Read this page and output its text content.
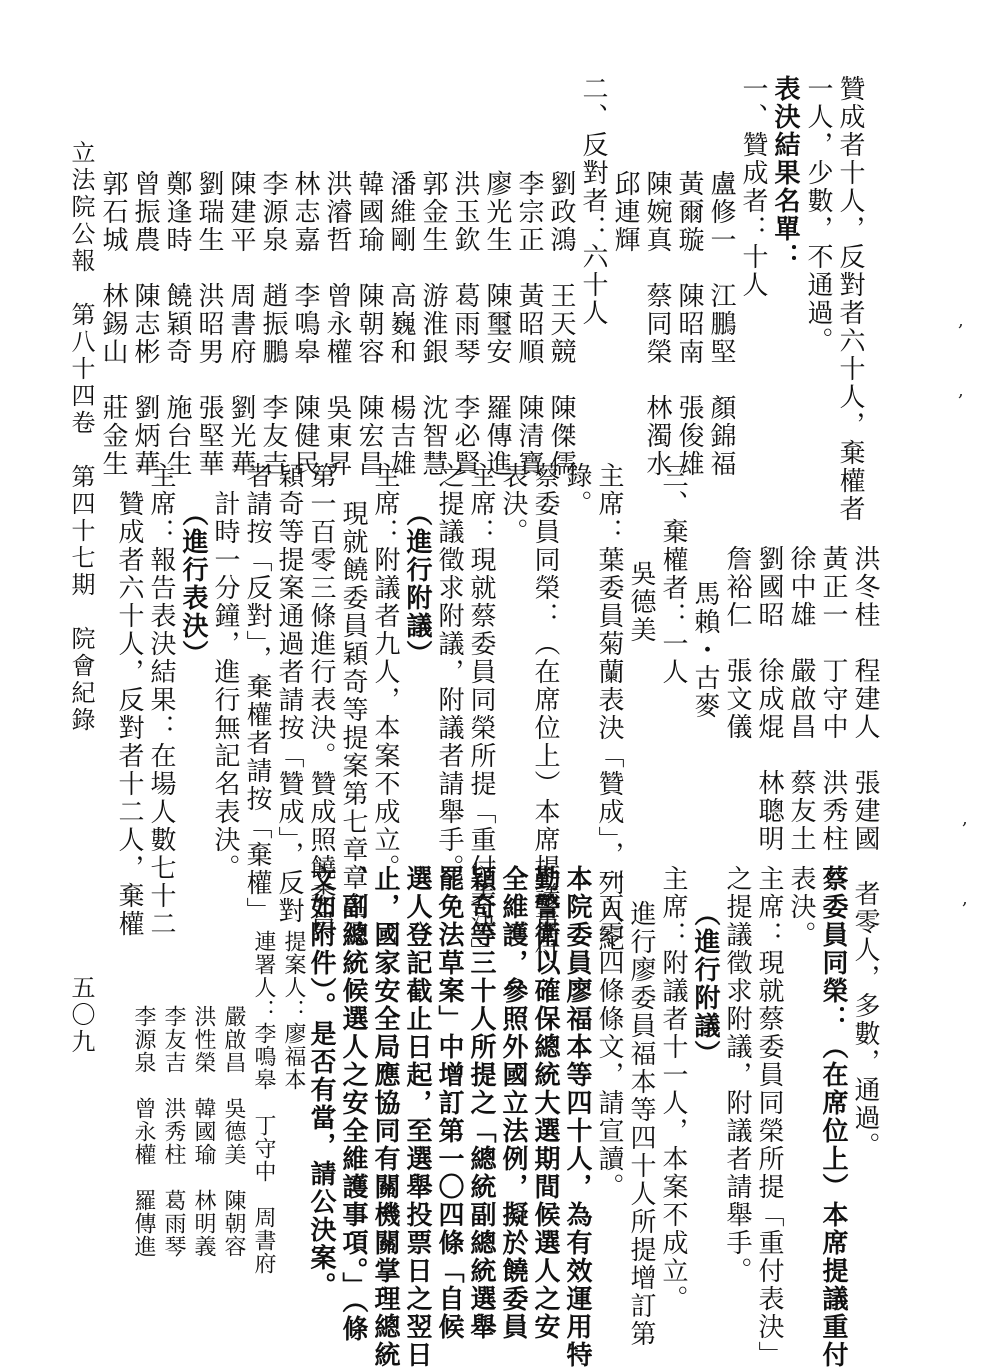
贊成者十人，反對者六十人，棄權者
一人，少數，不通過。
表決結果名單：
一、贊成者：十人
盧修一　江鵬堅　顏錦福
黃爾璇　陳昭南　張俊雄
陳婉真　蔡同榮　林濁水
邱連輝
二、反對者：六十人
劉政鴻　王天競　陳傑儒
李宗正　黃昭順　陳清寶
廖光生　陳璽安　羅傳進
洪玉欽　葛雨琴　李必賢
郭金生　游淮銀　沈智慧
潘維剛　高巍和　楊吉雄
韓國瑜　陳朝容　陳宏昌
洪濬哲　曾永權　吳東昇
林志嘉　李鳴皋　陳健民
李源泉　趙振鵬　李友吉
陳建平　周書府　劉光華
劉瑞生　洪昭男　張堅華
鄭逢時　饒穎奇　施台生
曾振農　陳志彬　劉炳華
郭石城　林錫山　莊金生
洪冬桂　程建人　張建國
黃正一　丁守中　洪秀柱
徐中雄　嚴啟昌　蔡友土
劉國昭　徐成焜　林聰明
詹裕仁　張文儀
馬賴・古麥
三、棄權者：一人
吳德美
主席：葉委員菊蘭表決「贊成」，列入紀
錄。
蔡委員同榮：（在席位上）本席提議重付
表決。
主席：現就蔡委員同榮所提「重付表決」
之提議徵求附議，附議者請舉手。
（進行附議）
主席：附議者九人，本案不成立。
現就饒委員穎奇等提案第七章章名及
第一百零三條進行表決。贊成照饒委員
穎奇等提案通過者請按「贊成」，反對
者請按「反對」，棄權者請按「棄權」
，計時一分鐘，進行無記名表決。
（進行表決）
主席：報告表決結果：在場人數七十二
，贊成者六十人，反對者十二人，棄權
者零人，多數，通過。
蔡委員同榮：（在席位上）本席提議重付
表決。
主席：現就蔡委員同榮所提「重付表決」
之提議徵求附議，附議者請舉手。
（進行附議）
主席：附議者十一人，本案不成立。
進行廖委員福本等四十人所提增訂第
一百零四條條文，請宣讀。
本院委員廖福本等四十人，為有效運用特
勤警衛以確保總統大選期間候選人之安
全維護，參照外國立法例，擬於饒委員
穎奇等三十人所提之「總統副總統選舉
罷免法草案」中增訂第一〇四條「自候
選人登記截止日起，至選舉投票日之翌日
止，國家安全局應協同有關機關掌理總統
、副總統候選人之安全維護事項。」（條
文如附件）。是否有當，請公決案。
提案人：廖福本
連署人：李鳴皋　丁守中　周書府
嚴啟昌　吳德美　陳朝容
洪性榮　韓國瑜　林明義
李友吉　洪秀柱　葛雨琴
李源泉　曾永權　羅傳進
立法院公報　第八十四卷　第四十七期　院會紀錄
五〇九
,
,
,
,
